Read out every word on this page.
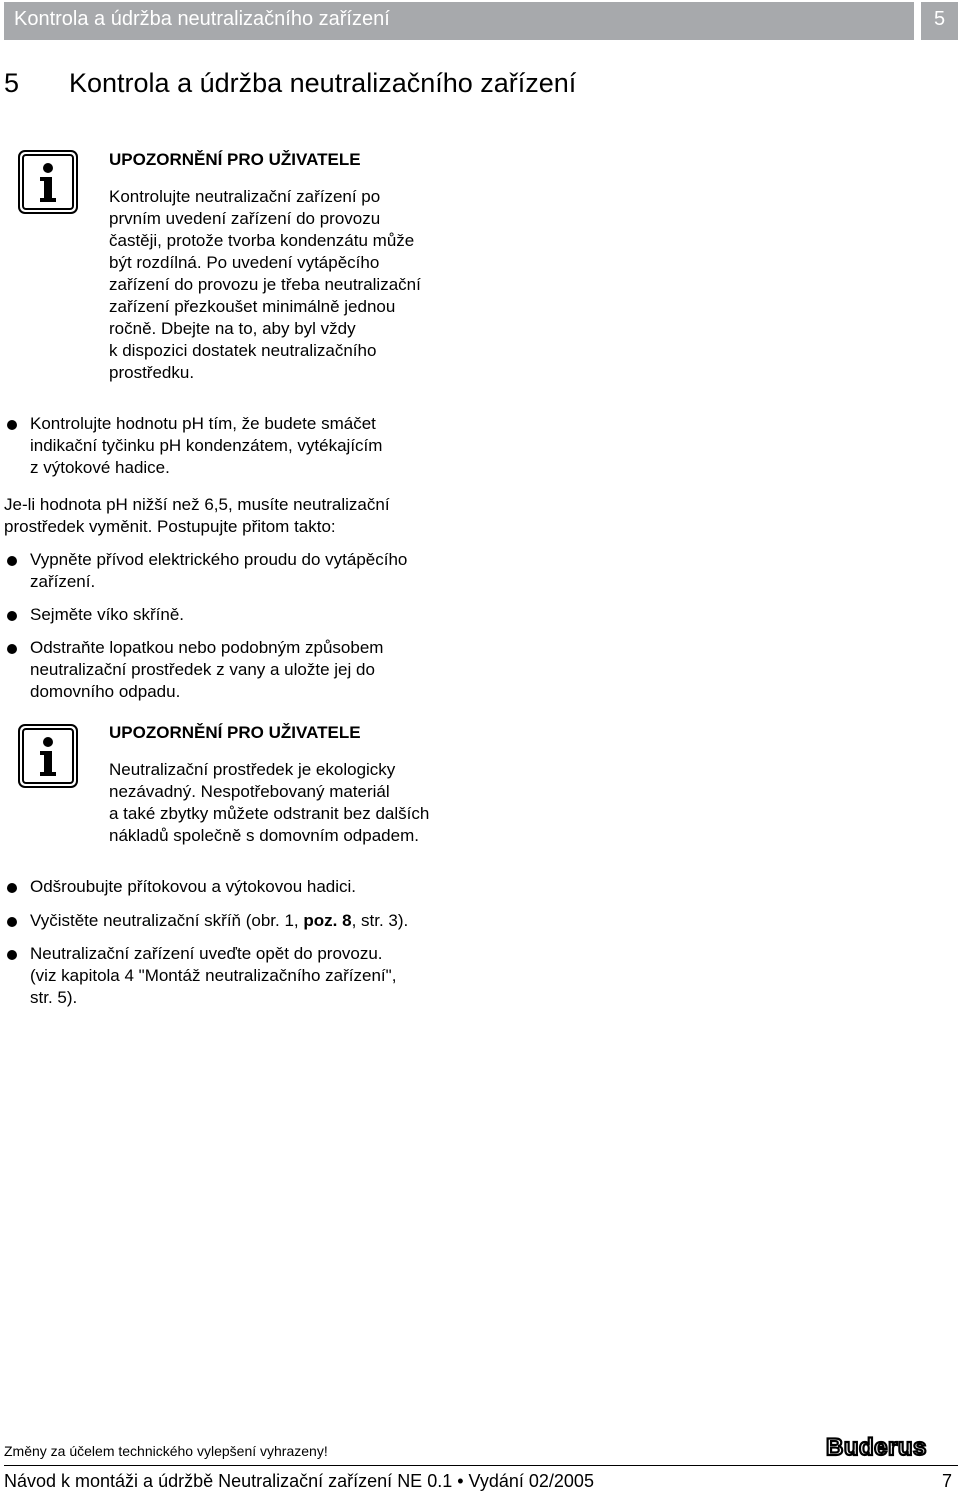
Kontrola a údržba neutralizačního zařízení	5
5 Kontrola a údržba neutralizačního zařízení
UPOZORNĚNÍ PRO UŽIVATELE
Kontrolujte neutralizační zařízení po
prvním uvedení zařízení do provozu
častěji, protože tvorba kondenzátu může
být rozdílná. Po uvedení vytápěcího
zařízení do provozu je třeba neutralizační
zařízení přezkoušet minimálně jednou
ročně. Dbejte na to, aby byl vždy
k dispozici dostatek neutralizačního
prostředku.
Kontrolujte hodnotu pH tím, že budete smáčet
indikační tyčinku pH kondenzátem, vytékajícím
z výtokové hadice.
Je-li hodnota pH nižší než 6,5, musíte neutralizační
prostředek vyměnit. Postupujte přitom takto:
Vypněte přívod elektrického proudu do vytápěcího
zařízení.
Sejměte víko skříně.
Odstraňte lopatkou nebo podobným způsobem
neutralizační prostředek z vany a uložte jej do
domovního odpadu.
UPOZORNĚNÍ PRO UŽIVATELE
Neutralizační prostředek je ekologicky
nezávadný. Nespotřebovaný materiál
a také zbytky můžete odstranit bez dalších
nákladů společně s domovním odpadem.
Odšroubujte přítokovou a výtokovou hadici.
Vyčistěte neutralizační skříň (obr. 1, poz. 8, str. 3).
Neutralizační zařízení uveďte opět do provozu.
(viz kapitola 4 "Montáž neutralizačního zařízení",
str. 5).
Změny za účelem technického vylepšení vyhrazeny!	Buderus
Návod k montáži a údržbě Neutralizační zařízení NE 0.1 • Vydání 02/2005	7
